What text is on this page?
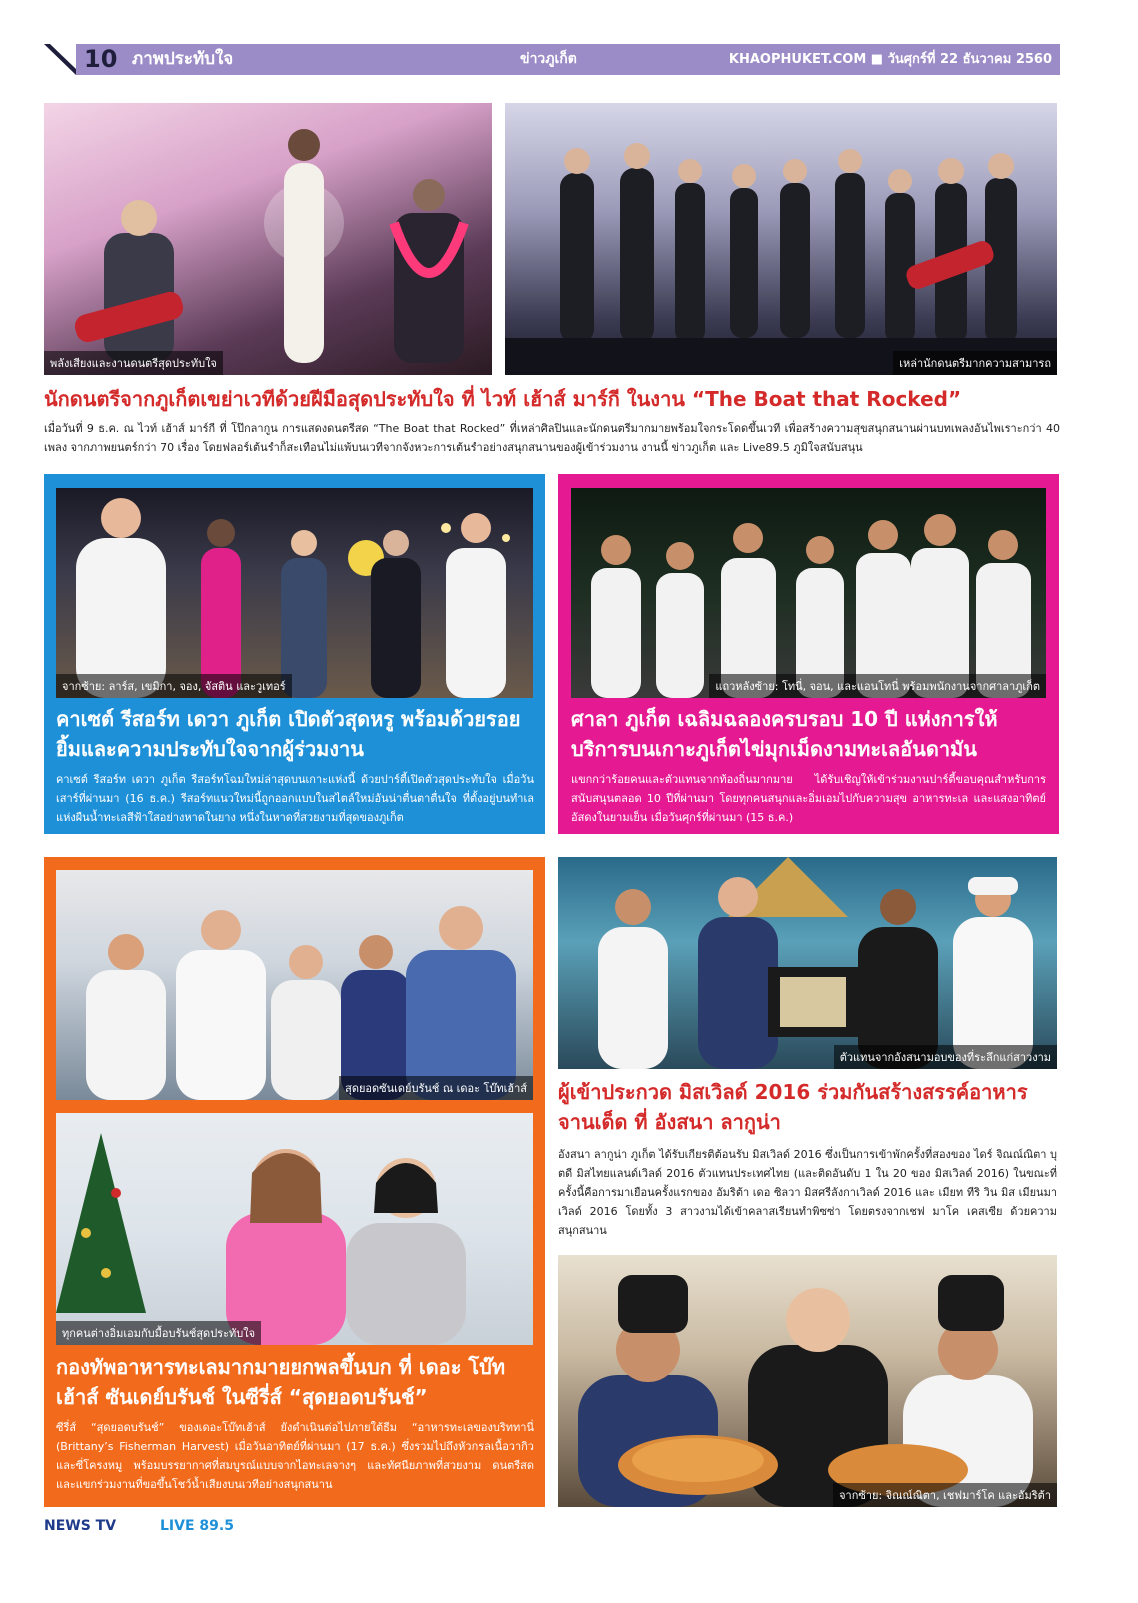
10 ภาพประทับใจ	ข่าวภูเก็ต	KHAOPHUKET.COM ■ วันศุกร์ที่ 22 ธันวาคม 2560
พลังเสียงและงานดนตรีสุดประทับใจ	เหล่านักดนตรีมากความสามารถ
นักดนตรีจากภูเก็ตเขย่าเวทีด้วยฝีมือสุดประทับใจ ที่ ไวท์ เฮ้าส์ มาร์กี ในงาน “The Boat that Rocked”
เมื่อวันที่ 9 ธ.ค. ณ ไวท์ เฮ้าส์ มาร์กี ที่ โป๊กลากูน การแสดงดนตรีสด “The Boat that Rocked” ที่เหล่าศิลปินและนักดนตรีมากมายพร้อมใจกระโดดขึ้นเวที เพื่อสร้างความสุขสนุกสนานผ่านบทเพลงอันไพเราะกว่า 40 เพลง จากภาพยนตร์กว่า 70 เรื่อง โดยฟลอร์เต้นรำก็สะเทือนไม่แพ้บนเวทีจากจังหวะการเต้นรำอย่างสนุกสนานของผู้เข้าร่วมงาน งานนี้ ข่าวภูเก็ต และ Live89.5 ภูมิใจสนับสนุน
จากซ้าย: ลาร์ส, เขมิกา, จอง, จัสติน และวูเทอร์
คาเซต์ รีสอร์ท เดวา ภูเก็ต เปิดตัวสุดหรู พร้อมด้วยรอยยิ้มและความประทับใจจากผู้ร่วมงาน
คาเซต์ รีสอร์ท เดวา ภูเก็ต รีสอร์ทโฉมใหม่ล่าสุดบนเกาะแห่งนี้ ด้วยปาร์ตี้เปิดตัวสุดประทับใจ เมื่อวันเสาร์ที่ผ่านมา (16 ธ.ค.) รีสอร์ทแนวใหม่นี้ถูกออกแบบในสไตล์ใหม่อันน่าตื่นตาตื่นใจ ที่ตั้งอยู่บนทำเลแห่งผืนน้ำทะเลสีฟ้าใสอย่างหาดในยาง หนึ่งในหาดที่สวยงามที่สุดของภูเก็ต
แถวหลังซ้าย: โทนี่, จอน, และแอนโทนี่ พร้อมพนักงานจากศาลาภูเก็ต
ศาลา ภูเก็ต เฉลิมฉลองครบรอบ 10 ปี แห่งการให้บริการบนเกาะภูเก็ตไข่มุกเม็ดงามทะเลอันดามัน
แขกกว่าร้อยคนและตัวแทนจากท้องถิ่นมากมาย ได้รับเชิญให้เข้าร่วมงานปาร์ตี้ขอบคุณสำหรับการสนับสนุนตลอด 10 ปีที่ผ่านมา โดยทุกคนสนุกและอิ่มเอมไปกับความสุข อาหารทะเล และแสงอาทิตย์อัสดงในยามเย็น เมื่อวันศุกร์ที่ผ่านมา (15 ธ.ค.)
สุดยอดซันเดย์บรันช์ ณ เดอะ โบ๊ทเฮ้าส์
ทุกคนต่างอิ่มเอมกับมื้อบรันช์สุดประทับใจ
กองทัพอาหารทะเลมากมายยกพลขึ้นบก ที่ เดอะ โบ๊ทเฮ้าส์ ซันเดย์บรันช์ ในซีรี่ส์ “สุดยอดบรันช์”
ซีรี่ส์ “สุดยอดบรันช์” ของเดอะโบ๊ทเฮ้าส์ ยังดำเนินต่อไปภายใต้ธีม “อาหารทะเลของบริททานี่ (Brittany’s Fisherman Harvest) เมื่อวันอาทิตย์ที่ผ่านมา (17 ธ.ค.) ซึ่งรวมไปถึงหัวกรลเนื้อวากิว และซี่โครงหมู พร้อมบรรยากาศที่สมบูรณ์แบบจากไอทะเลจางๆ และทัศนียภาพที่สวยงาม ดนตรีสด และแขกร่วมงานที่ขอขึ้นโชว์น้ำเสียงบนเวทีอย่างสนุกสนาน
ตัวแทนจากอังสนามอบของที่ระลึกแก่สาวงาม
ผู้เข้าประกวด มิสเวิลด์ 2016 ร่วมกันสร้างสรรค์อาหารจานเด็ด ที่ อังสนา ลากูน่า
อังสนา ลากูน่า ภูเก็ต ได้รับเกียรติต้อนรับ มิสเวิลด์ 2016 ซึ่งเป็นการเข้าพักครั้งที่สองของ ไดร์ จิณณ์ณิตา บุตดี มิสไทยแลนด์เวิลด์ 2016 ตัวแทนประเทศไทย (และติดอันดับ 1 ใน 20 ของ มิสเวิลด์ 2016) ในขณะที่ครั้งนี้คือการมาเยือนครั้งแรกของ อัมริต้า เดอ ซิลวา มิสศรีลังกาเวิลด์ 2016 และ เมียท ทีริ วิน มิส เมียนมาเวิลด์ 2016 โดยทั้ง 3 สาวงามได้เข้าคลาสเรียนทำพิซซ่า โดยตรงจากเชฟ มาโค เคสเซีย ด้วยความสนุกสนาน
จากซ้าย: จิณณ์ณิตา, เชฟมาร์โค และอัมริต้า
NEWS TV	LIVE 89.5
